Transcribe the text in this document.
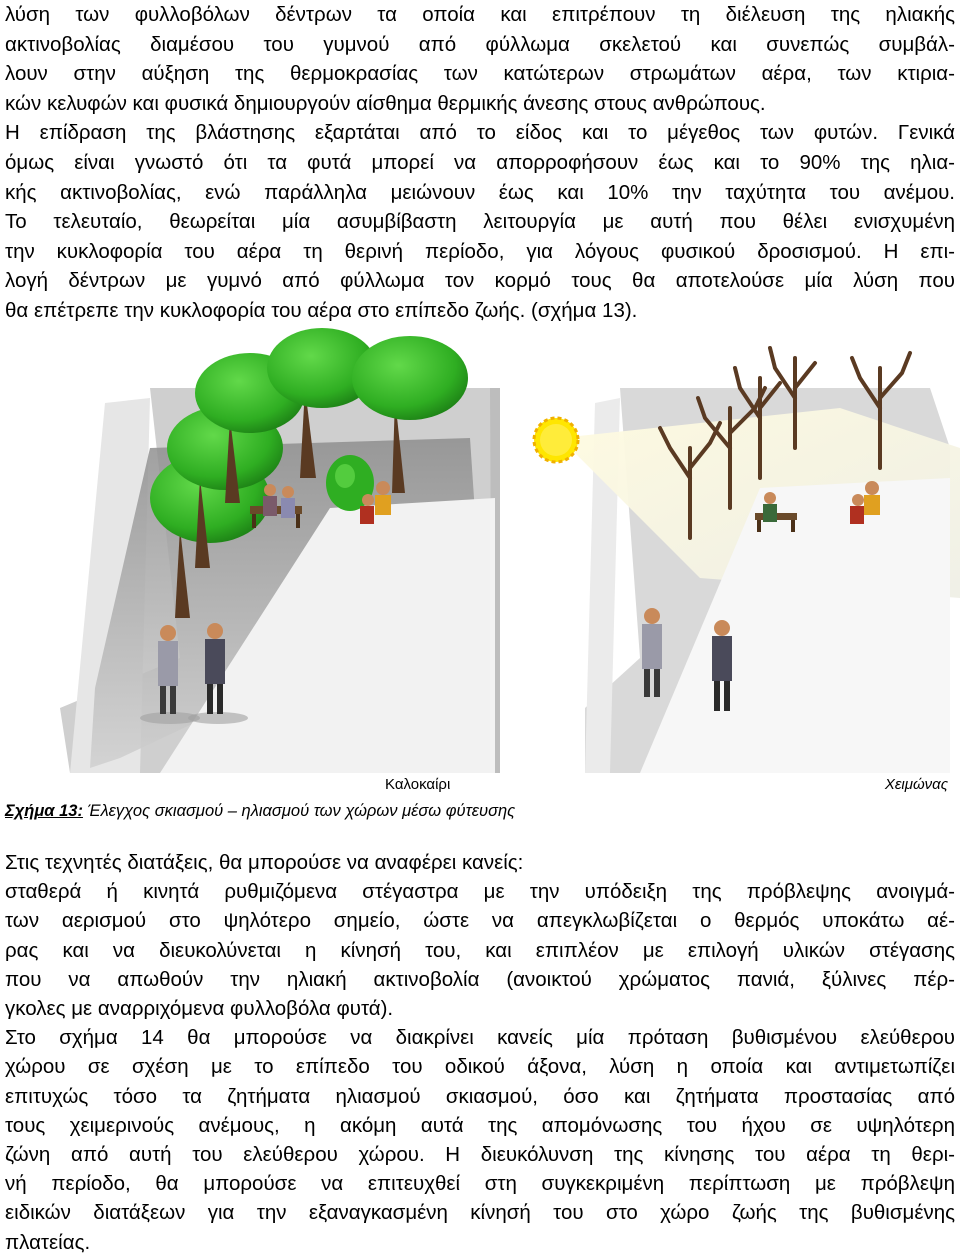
λύση των φυλλοβόλων δέντρων τα οποία και επιτρέπουν τη διέλευση της ηλιακής
ακτινοβολίας διαμέσου του γυμνού από φύλλωμα σκελετού και συνεπώς συμβάλ-
λουν στην αύξηση της θερμοκρασίας των κατώτερων στρωμάτων αέρα, των κτιρια-
κών κελυφών και φυσικά δημιουργούν αίσθημα θερμικής άνεσης στους ανθρώπους.
Η επίδραση της βλάστησης εξαρτάται από το είδος και το μέγεθος των φυτών. Γενικά
όμως είναι γνωστό ότι τα φυτά μπορεί να απορροφήσουν έως και το 90% της ηλια-
κής ακτινοβολίας, ενώ παράλληλα μειώνουν έως και 10% την ταχύτητα του ανέμου.
Το τελευταίο, θεωρείται μία ασυμβίβαστη λειτουργία με αυτή που θέλει ενισχυμένη
την κυκλοφορία του αέρα τη θερινή περίοδο, για λόγους φυσικού δροσισμού. Η επι-
λογή δέντρων με γυμνό από φύλλωμα τον κορμό τους θα αποτελούσε μία λύση που
θα επέτρεπε την κυκλοφορία του αέρα στο επίπεδο ζωής. (σχήμα 13).
Καλοκαίρι	Χειμώνας
Σχήμα 13: Έλεγχος σκιασμού – ηλιασμού των χώρων μέσω φύτευσης
Στις τεχνητές διατάξεις, θα μπορούσε να αναφέρει κανείς:
σταθερά ή κινητά ρυθμιζόμενα στέγαστρα με την υπόδειξη της πρόβλεψης ανοιγμά-
των αερισμού στο ψηλότερο σημείο, ώστε να απεγκλωβίζεται ο θερμός υποκάτω αέ-
ρας και να διευκολύνεται η κίνησή του, και επιπλέον με επιλογή υλικών στέγασης
που να απωθούν την ηλιακή ακτινοβολία (ανοικτού χρώματος πανιά, ξύλινες πέρ-
γκολες με αναρριχόμενα φυλλοβόλα φυτά).
Στο σχήμα 14 θα μπορούσε να διακρίνει κανείς μία πρόταση βυθισμένου ελεύθερου
χώρου σε σχέση με το επίπεδο του οδικού άξονα, λύση η οποία και αντιμετωπίζει
επιτυχώς τόσο τα ζητήματα ηλιασμού σκιασμού, όσο και ζητήματα προστασίας από
τους χειμερινούς ανέμους, η ακόμη αυτά της απομόνωσης του ήχου σε υψηλότερη
ζώνη από αυτή του ελεύθερου χώρου. Η διευκόλυνση της κίνησης του αέρα τη θερι-
νή περίοδο, θα μπορούσε να επιτευχθεί στη συγκεκριμένη περίπτωση με πρόβλεψη
ειδικών διατάξεων για την εξαναγκασμένη κίνησή του στο χώρο ζωής της βυθισμένης
πλατείας.
